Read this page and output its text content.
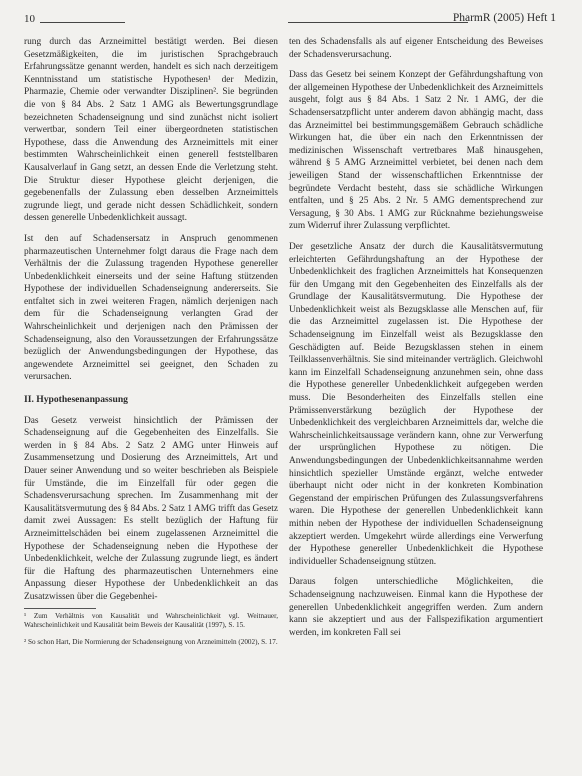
10	PharmR (2005) Heft 1

rung durch das Arzneimittel bestätigt werden. Bei diesen Gesetzmäßigkeiten, die im juristischen Sprachgebrauch Erfahrungssätze genannt werden, handelt es sich nach derzeitigem Kenntnisstand um statistische Hypothesen¹ der Medizin, Pharmazie, Chemie oder verwandter Disziplinen². Sie begründen die von § 84 Abs. 2 Satz 1 AMG als Bewertungsgrundlage bezeichneten Schadenseignung und sind zunächst nicht isoliert verwertbar, sondern Teil einer übergeordneten statistischen Hypothese, dass die Anwendung des Arzneimittels mit einer bestimmten Wahrscheinlichkeit einen generell feststellbaren Kausalverlauf in Gang setzt, an dessen Ende die Verletzung steht. Die Struktur dieser Hypothese gleicht derjenigen, die gegebenenfalls der Zulassung eben desselben Arzneimittels zugrunde liegt, und gerade nicht dessen Schädlichkeit, sondern dessen generelle Unbedenklichkeit aussagt.

Ist den auf Schadensersatz in Anspruch genommenen pharmazeutischen Unternehmer folgt daraus die Frage nach dem Verhältnis der die Zulassung tragenden Hypothese genereller Unbedenklichkeit einerseits und der seine Haftung stützenden Hypothese der individuellen Schadenseignung andererseits. Sie entfaltet sich in zwei weiteren Fragen, nämlich derjenigen nach dem für die Schadenseignung verlangten Grad der Wahrscheinlichkeit und derjenigen nach den Prämissen der Schadenseignung, also den Voraussetzungen der Erfahrungssätze bezüglich der Anwendungsbedingungen der Hypothese, das angewendete Arzneimittel sei geeignet, den Schaden zu verursachen.

II. Hypothesenanpassung

Das Gesetz verweist hinsichtlich der Prämissen der Schadenseignung auf die Gegebenheiten des Einzelfalls. Sie werden in § 84 Abs. 2 Satz 2 AMG unter Hinweis auf Zusammensetzung und Dosierung des Arzneimittels, Art und Dauer seiner Anwendung und so weiter beschrieben als Beispiele für Umstände, die im Einzelfall für oder gegen die Schadensverursachung sprechen. Im Zusammenhang mit der Kausalitätsvermutung des § 84 Abs. 2 Satz 1 AMG trifft das Gesetz damit zwei Aussagen: Es stellt bezüglich der Haftung für Arzneimittelschäden bei einem zugelassenen Arzneimittel die Hypothese der Schadenseignung neben die Hypothese der Unbedenklichkeit, welche der Zulassung zugrunde liegt, es ändert für die Haftung des pharmazeutischen Unternehmers eine Anpassung dieser Hypothese der Unbedenklichkeit an das Zusatzwissen über die Gegebenhei-

¹ Zum Verhältnis von Kausalität und Wahrscheinlichkeit vgl. Weitnauer, Wahrscheinlichkeit und Kausalität beim Beweis der Kausalität (1997), S. 15.

² So schon Hart, Die Normierung der Schadenseignung von Arzneimitteln (2002), S. 17.

ten des Schadensfalls als auf eigener Entscheidung des Beweises der Schadensverursachung.

Dass das Gesetz bei seinem Konzept der Gefährdungshaftung von der allgemeinen Hypothese der Unbedenklichkeit des Arzneimittels ausgeht, folgt aus § 84 Abs. 1 Satz 2 Nr. 1 AMG, der die Schadensersatzpflicht unter anderem davon abhängig macht, dass das Arzneimittel bei bestimmungsgemäßem Gebrauch schädliche Wirkungen hat, die über ein nach den Erkenntnissen der medizinischen Wissenschaft vertretbares Maß hinausgehen, während § 5 AMG Arzneimittel verbietet, bei denen nach dem jeweiligen Stand der wissenschaftlichen Erkenntnisse der begründete Verdacht besteht, dass sie schädliche Wirkungen entfalten, und § 25 Abs. 2 Nr. 5 AMG dementsprechend zur Versagung, § 30 Abs. 1 AMG zur Rücknahme beziehungsweise zum Widerruf ihrer Zulassung verpflichtet.

Der gesetzliche Ansatz der durch die Kausalitätsvermutung erleichterten Gefährdungshaftung an der Hypothese der Unbedenklichkeit des fraglichen Arzneimittels hat Konsequenzen für den Umgang mit den Gegebenheiten des Einzelfalls als der Grundlage der Kausalitätsvermutung. Die Hypothese der Unbedenklichkeit weist als Bezugsklasse alle Menschen auf, für die das Arzneimittel zugelassen ist. Die Hypothese der Schadenseignung im Einzelfall weist als Bezugsklasse den Geschädigten auf. Beide Bezugsklassen stehen in einem Teilklassenverhältnis. Sie sind miteinander verträglich. Gleichwohl kann im Einzelfall Schadenseignung anzunehmen sein, ohne dass die Hypothese genereller Unbedenklichkeit aufgegeben werden muss. Die Besonderheiten des Einzelfalls stellen eine Prämissenverstärkung bezüglich der Hypothese der Unbedenklichkeit des vergleichbaren Arzneimittels dar, welche die Wahrscheinlichkeitsaussage verändern kann, ohne zur Verwerfung der ursprünglichen Hypothese zu nötigen. Die Anwendungsbedingungen der Unbedenklichkeitsannahme werden hinsichtlich spezieller Umstände ergänzt, welche entweder überhaupt nicht oder nicht in der konkreten Kombination Gegenstand der empirischen Prüfungen des Zulassungsverfahrens waren. Die Hypothese der generellen Unbedenklichkeit kann mithin neben der Hypothese der individuellen Schadenseignung akzeptiert werden. Umgekehrt würde allerdings eine Verwerfung der Hypothese genereller Unbedenklichkeit die Hypothese individueller Schadenseignung stützen.

Daraus folgen unterschiedliche Möglichkeiten, die Schadenseignung nachzuweisen. Einmal kann die Hypothese der generellen Unbedenklichkeit angegriffen werden. Zum andern kann sie akzeptiert und aus der Fallspezifikation argumentiert werden, im konkreten Fall sei
